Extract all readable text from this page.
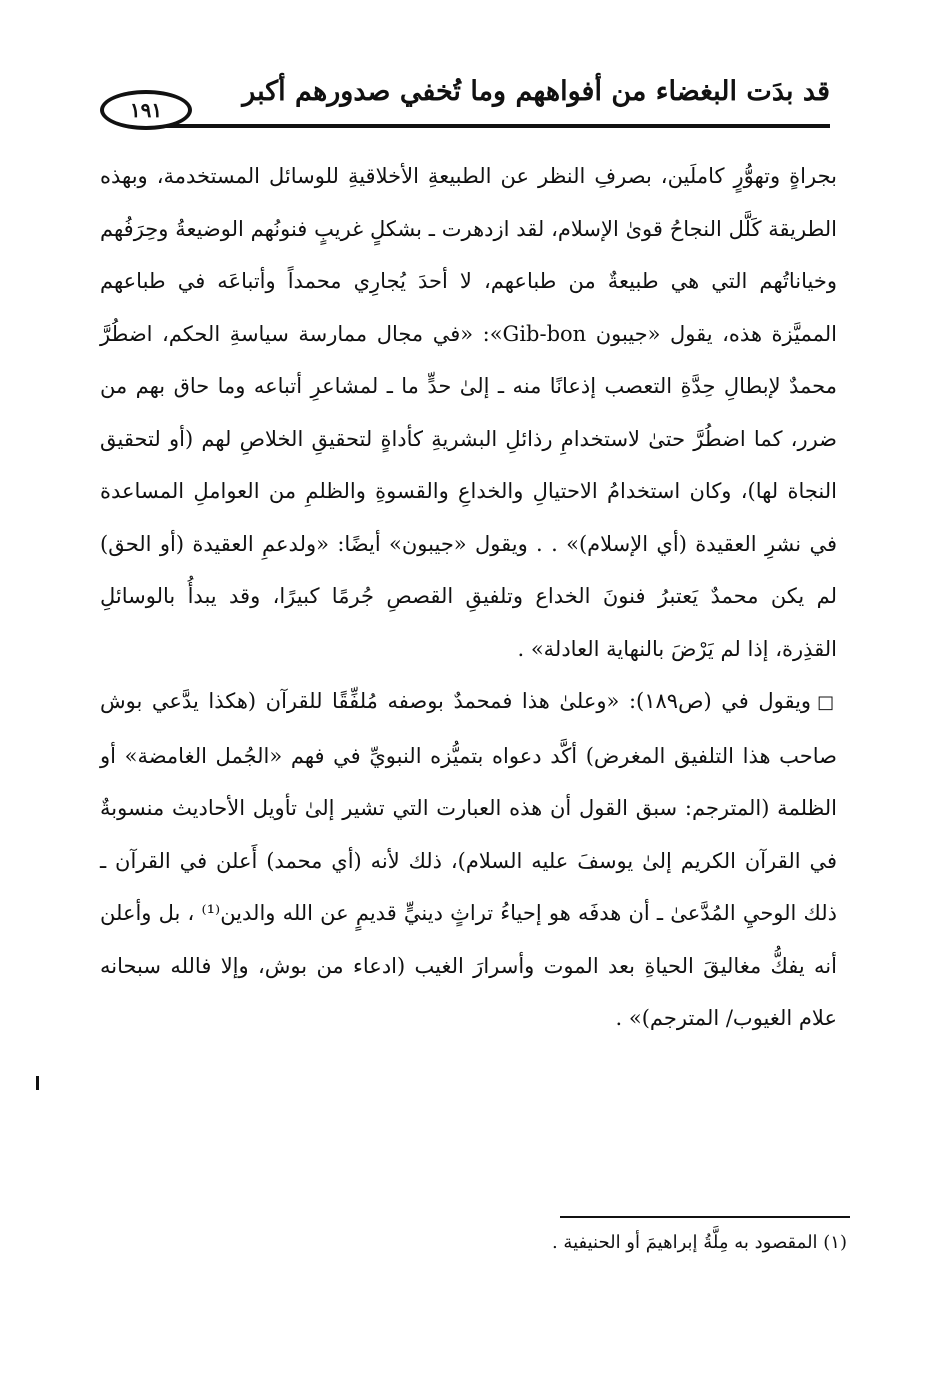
قد بدَت البغضاء من أفواههم وما تُخفي صدورهم أكبر
١٩١

بجراةٍ وتهوُّرٍ كاملَين، بصرفِ النظر عن الطبيعةِ الأخلاقيةِ للوسائل المستخدمة، وبهذه الطريقة كَلَّل النجاحُ قوىٰ الإسلام، لقد ازدهرت ـ بشكلٍ غريبٍ فنونُهم الوضيعةُ وحِرَفُهم وخياناتُهم التي هي طبيعةٌ من طباعهم، لا أحدَ يُجارِي محمداً وأتباعَه في طباعهم المميَّزة هذه، يقول «جيبون Gib-bon»: «في مجال ممارسة سياسةِ الحكم، اضطُرَّ محمدٌ لإبطالِ حِدَّةِ التعصب إذعانًا منه ـ إلىٰ حدٍّ ما ـ لمشاعرِ أتباعه وما حاق بهم من ضرر، كما اضطُرَّ حتىٰ لاستخدامِ رذائلِ البشريةِ كأداةٍ لتحقيقِ الخلاصِ لهم (أو لتحقيق النجاة لها)، وكان استخدامُ الاحتيالِ والخداعِ والقسوةِ والظلمِ من العواملِ المساعدة في نشرِ العقيدة (أي الإسلام)» . . ويقول «جيبون» أيضًا: «ولدعمِ العقيدة (أو الحق) لم يكن محمدٌ يَعتبرُ فنونَ الخداع وتلفيقِ القصصِ جُرمًا كبيرًا، وقد يبدأُ بالوسائلِ القذِرة، إذا لم يَرْضَ بالنهاية العادلة» .

□ويقول في (ص١٨٩): «وعلىٰ هذا فمحمدٌ بوصفه مُلفِّقًا للقرآن (هكذا يدَّعي بوش صاحب هذا التلفيق المغرض) أكَّد دعواه بتميُّزه النبويِّ في فهم «الجُمل الغامضة» أو الظلمة (المترجم: سبق القول أن هذه العبارت التي تشير إلىٰ تأويل الأحاديث منسوبةٌ في القرآن الكريم إلىٰ يوسفَ عليه السلام)، ذلك لأنه (أي محمد) أَعلن في القرآن ـ ذلك الوحيِ المُدَّعىٰ ـ أن هدفَه هو إحياءُ تراثٍ دينيٍّ قديمٍ عن الله والدين⁽¹⁾ ، بل وأعلن أنه يفكُّ مغاليقَ الحياةِ بعد الموت وأسرارَ الغيب (ادعاء من بوش، وإلا فالله سبحانه علام الغيوب/ المترجم)» .

(١) المقصود به مِلَّةُ إبراهيمَ أو الحنيفية .
